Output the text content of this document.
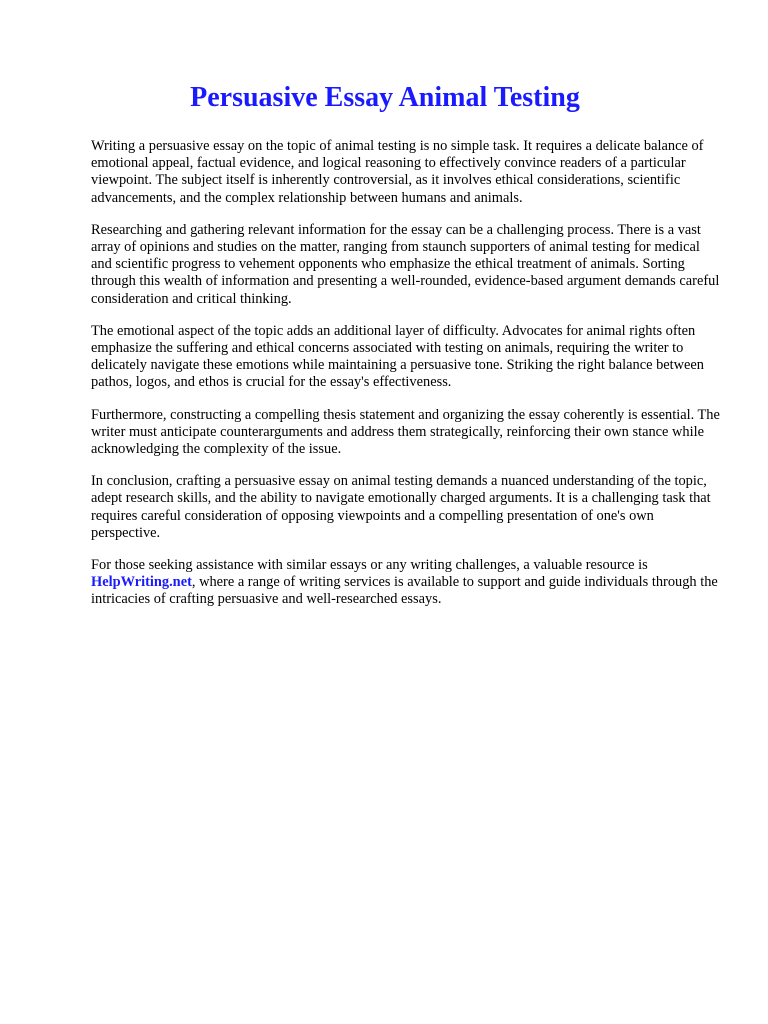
Persuasive Essay Animal Testing

Writing a persuasive essay on the topic of animal testing is no simple task. It requires a delicate balance of emotional appeal, factual evidence, and logical reasoning to effectively convince readers of a particular viewpoint. The subject itself is inherently controversial, as it involves ethical considerations, scientific advancements, and the complex relationship between humans and animals.

Researching and gathering relevant information for the essay can be a challenging process. There is a vast array of opinions and studies on the matter, ranging from staunch supporters of animal testing for medical and scientific progress to vehement opponents who emphasize the ethical treatment of animals. Sorting through this wealth of information and presenting a well-rounded, evidence-based argument demands careful consideration and critical thinking.

The emotional aspect of the topic adds an additional layer of difficulty. Advocates for animal rights often emphasize the suffering and ethical concerns associated with testing on animals, requiring the writer to delicately navigate these emotions while maintaining a persuasive tone. Striking the right balance between pathos, logos, and ethos is crucial for the essay's effectiveness.

Furthermore, constructing a compelling thesis statement and organizing the essay coherently is essential. The writer must anticipate counterarguments and address them strategically, reinforcing their own stance while acknowledging the complexity of the issue.

In conclusion, crafting a persuasive essay on animal testing demands a nuanced understanding of the topic, adept research skills, and the ability to navigate emotionally charged arguments. It is a challenging task that requires careful consideration of opposing viewpoints and a compelling presentation of one's own perspective.

For those seeking assistance with similar essays or any writing challenges, a valuable resource is HelpWriting.net, where a range of writing services is available to support and guide individuals through the intricacies of crafting persuasive and well-researched essays.
